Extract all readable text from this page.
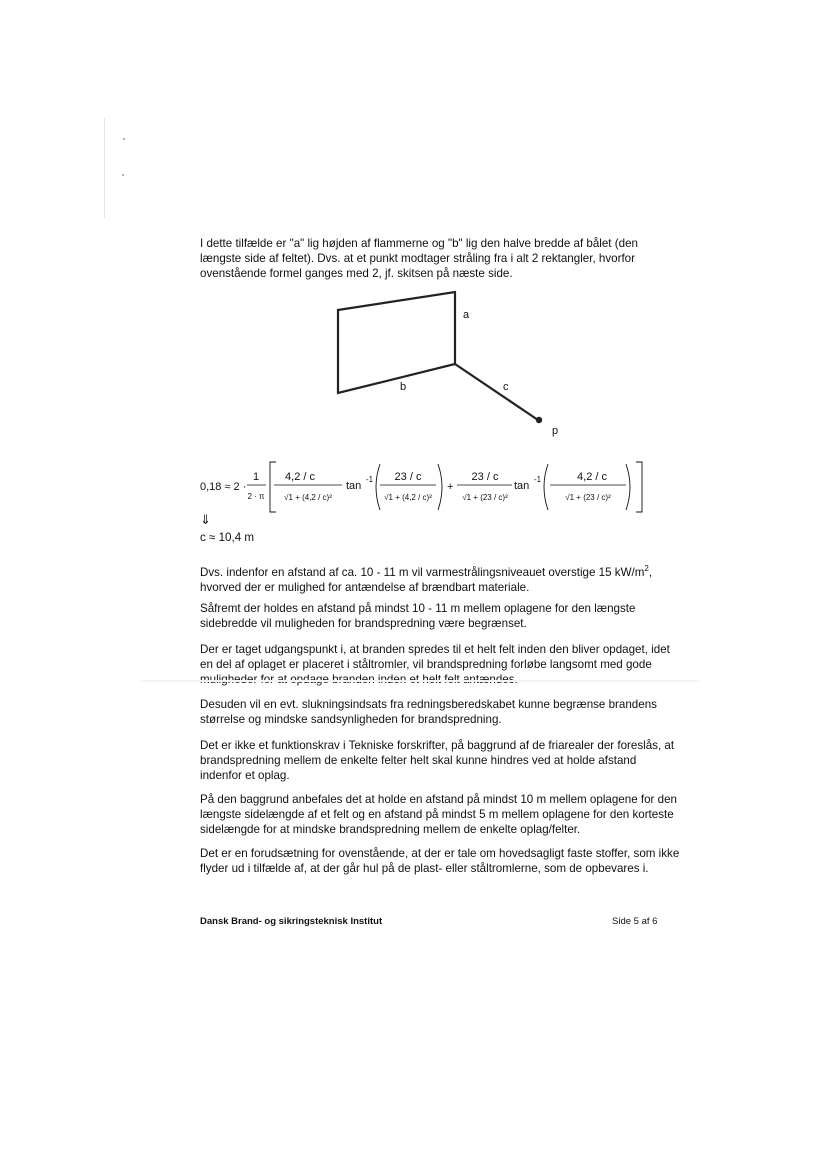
I dette tilfælde er "a" lig højden af flammerne og "b" lig den halve bredde af bålet (den længste side af feltet). Dvs. at et punkt modtager stråling fra i alt 2 rektangler, hvorfor ovenstående formel ganges med 2, jf. skitsen på næste side.

a
b	c
p
0,18 ≈ 2 ·
1
2 · π
4,2 / c
√1 + (4,2 / c)²
tan
-1 23 / c
√1 + (4,2 / c)²
+
23 / c
√1 + (23 / c)²
tan
-1	4,2 / c
√1 + (23 / c)²
⇓
c ≈ 10,4 m

Dvs. indenfor en afstand af ca. 10 - 11 m vil varmestrålingsniveauet overstige 15 $kW/m^2$, hvorved der er mulighed for antændelse af brændbart materiale.

Såfremt der holdes en afstand på mindst 10 - 11 m mellem oplagene for den længste sidebredde vil muligheden for brandspredning være begrænset.

Der er taget udgangspunkt i, at branden spredes til et helt felt inden den bliver opdaget, idet en del af oplaget er placeret i ståltromler, vil brandspredning forløbe langsomt med gode

Desuden vil en evt. slukningsindsats fra redningsberedskabet kunne begrænse brandens størrelse og mindske sandsynligheden for brandspredning.

Det er ikke et funktionskrav i Tekniske forskrifter, på baggrund af de friarealer der foreslås, at brandspredning mellem de enkelte felter helt skal kunne hindres ved at holde afstand indenfor et oplag.

På den baggrund anbefales det at holde en afstand på mindst 10 m mellem oplagene for den længste sidelængde af et felt og en afstand på mindst 5 m mellem oplagene for den korteste sidelængde for at mindske brandspredning mellem de enkelte oplag/felter.

Det er en forudsætning for ovenstående, at der er tale om hovedsagligt faste stoffer, som ikke flyder ud i tilfælde af, at der går hul på de plast- eller ståltromlerne, som de opbevares i.

Dansk Brand- og sikringsteknisk Institut	Side 5 af 6
